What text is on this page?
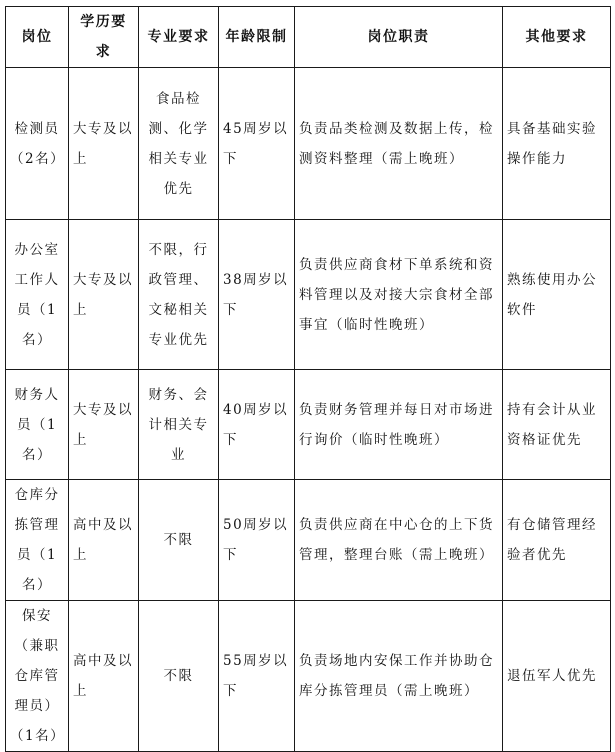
岗位	学历要求	专业要求	年龄限制	岗位职责	其他要求
检测员（2名）	大专及以上	食品检测、化学相关专业优先	45周岁以下	负责品类检测及数据上传，检测资料整理（需上晚班）	具备基础实验操作能力
办公室工作人员（1名）	大专及以上	不限，行政管理、文秘相关专业优先	38周岁以下	负责供应商食材下单系统和资料管理以及对接大宗食材全部事宜（临时性晚班）	熟练使用办公软件
财务人员（1名）	大专及以上	财务、会计相关专业	40周岁以下	负责财务管理并每日对市场进行询价（临时性晚班）	持有会计从业资格证优先
仓库分拣管理员（1名）	高中及以上	不限	50周岁以下	负责供应商在中心仓的上下货管理，整理台账（需上晚班）	有仓储管理经验者优先
保安（兼职仓库管理员）（1名）	高中及以上	不限	55周岁以下	负责场地内安保工作并协助仓库分拣管理员（需上晚班）	退伍军人优先
